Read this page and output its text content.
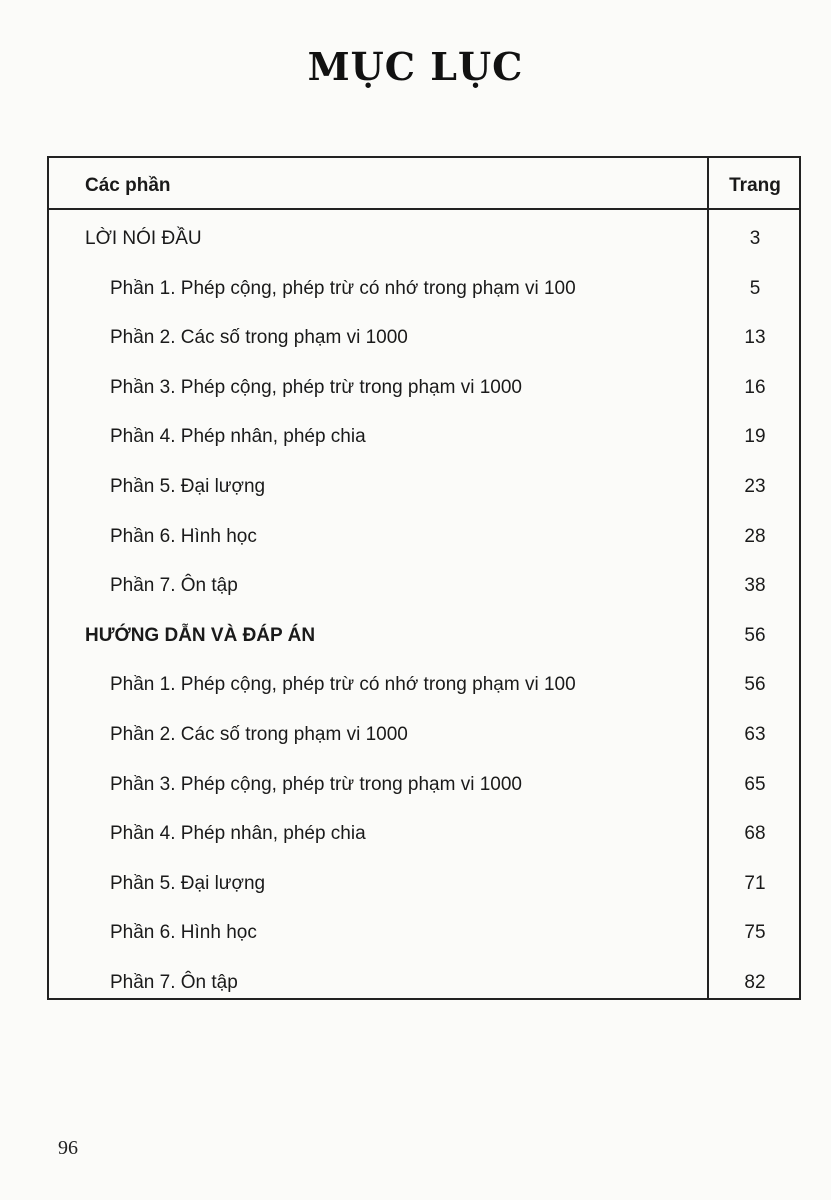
MỤC LỤC
Các phần	Trang
LỜI NÓI ĐẦU	3
Phần 1. Phép cộng, phép trừ có nhớ trong phạm vi 100	5
Phần 2. Các số trong phạm vi 1000	13
Phần 3. Phép cộng, phép trừ trong phạm vi 1000	16
Phần 4. Phép nhân, phép chia	19
Phần 5. Đại lượng	23
Phần 6. Hình học	28
Phần 7. Ôn tập	38
HƯỚNG DẪN VÀ ĐÁP ÁN	56
Phần 1. Phép cộng, phép trừ có nhớ trong phạm vi 100	56
Phần 2. Các số trong phạm vi 1000	63
Phần 3. Phép cộng, phép trừ trong phạm vi 1000	65
Phần 4. Phép nhân, phép chia	68
Phần 5. Đại lượng	71
Phần 6. Hình học	75
Phần 7. Ôn tập	82
96
